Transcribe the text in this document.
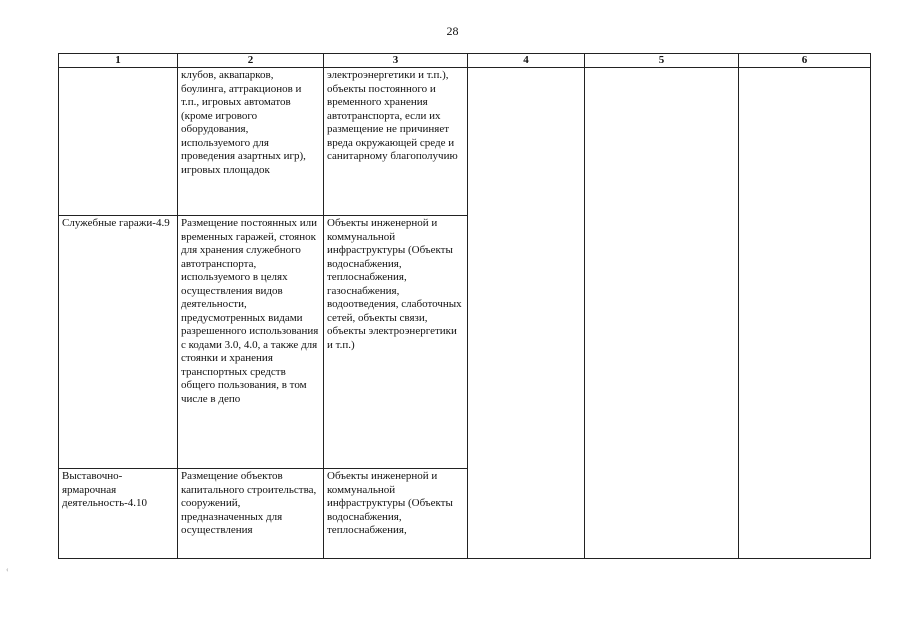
28
1	2	3	4	5	6
	клубов, аквапарков, боулинга, аттракционов и т.п., игровых автоматов (кроме игрового оборудования, используемого для проведения азартных игр), игровых площадок	электроэнергетики и т.п.), объекты постоянного и временного хранения автотранспорта, если их размещение не причиняет вреда окружающей среде и санитарному благополучию			
Служебные гаражи-4.9	Размещение постоянных или временных гаражей, стоянок для хранения служебного автотранспорта, используемого в целях осуществления видов деятельности, предусмотренных видами разрешенного использования с кодами 3.0, 4.0, а также для стоянки и хранения транспортных средств общего пользования, в том числе в депо	Объекты инженерной и коммунальной инфраструктуры (Объекты водоснабжения, теплоснабжения, газоснабжения, водоотведения, слаботочных сетей, объекты связи, объекты электроэнергетики и т.п.)			
Выставочно-ярмарочная деятельность-4.10	Размещение объектов капитального строительства, сооружений, предназначенных для осуществления	Объекты инженерной и коммунальной инфраструктуры (Объекты водоснабжения, теплоснабжения,			
‹
